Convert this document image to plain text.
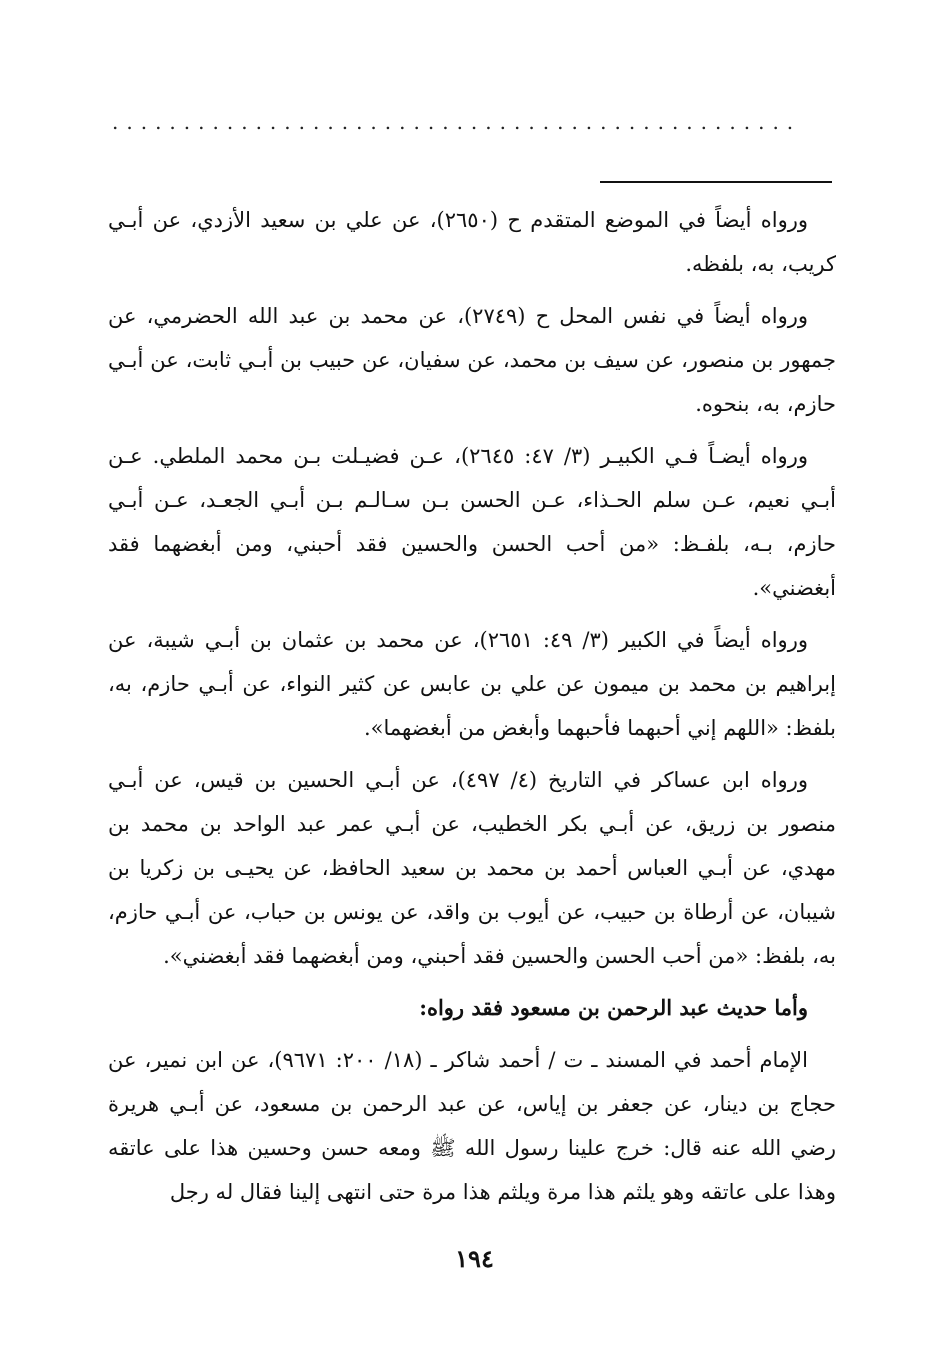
................................................

ورواه أيضاً في الموضع المتقدم ح (٢٦٥٠)، عن علي بن سعيد الأزدي، عن أبـي كريب، به، بلفظه.

ورواه أيضاً في نفس المحل ح (٢٧٤٩)، عن محمد بن عبد الله الحضرمي، عن جمهور بن منصور، عن سيف بن محمد، عن سفيان، عن حبيب بن أبـي ثابت، عن أبـي حازم، به، بنحوه.

ورواه أيضـاً فـي الكبيـر (٣/ ٤٧: ٢٦٤٥)، عـن فضيـلت بـن محمد الملطي. عـن أبـي نعيم، عـن سلم الحـذاء، عـن الحسن بـن سـالـم بـن أبـي الجعـد، عـن أبـي حازم، بـه، بلفـظ: «من أحب الحسن والحسين فقد أحبني، ومن أبغضهما فقد أبغضني».

ورواه أيضاً في الكبير (٣/ ٤٩: ٢٦٥١)، عن محمد بن عثمان بن أبـي شيبة، عن إبراهيم بن محمد بن ميمون عن علي بن عابس عن كثير النواء، عن أبـي حازم، به، بلفظ: «اللهم إني أحبهما فأحبهما وأبغض من أبغضهما».

ورواه ابن عساكر في التاريخ (٤/ ٤٩٧)، عن أبـي الحسين بن قيس، عن أبـي منصور بن زريق، عن أبـي بكر الخطيب، عن أبـي عمر عبد الواحد بن محمد بن مهدي، عن أبـي العباس أحمد بن محمد بن سعيد الحافظ، عن يحيـى بن زكريا بن شيبان، عن أرطاة بن حبيب، عن أيوب بن واقد، عن يونس بن حباب، عن أبـي حازم، به، بلفظ: «من أحب الحسن والحسين فقد أحبني، ومن أبغضهما فقد أبغضني».

وأما حديث عبد الرحمن بن مسعود فقد رواه:

الإمام أحمد في المسند ـ ت / أحمد شاكر ـ (١٨/ ٢٠٠: ٩٦٧١)، عن ابن نمير، عن حجاج بن دينار، عن جعفر بن إياس، عن عبد الرحمن بن مسعود، عن أبـي هريرة رضي الله عنه قال: خرج علينا رسول الله ﷺ ومعه حسن وحسين هذا على عاتقه وهذا على عاتقه وهو يلثم هذا مرة ويلثم هذا مرة حتى انتهى إلينا فقال له رجل

١٩٤
